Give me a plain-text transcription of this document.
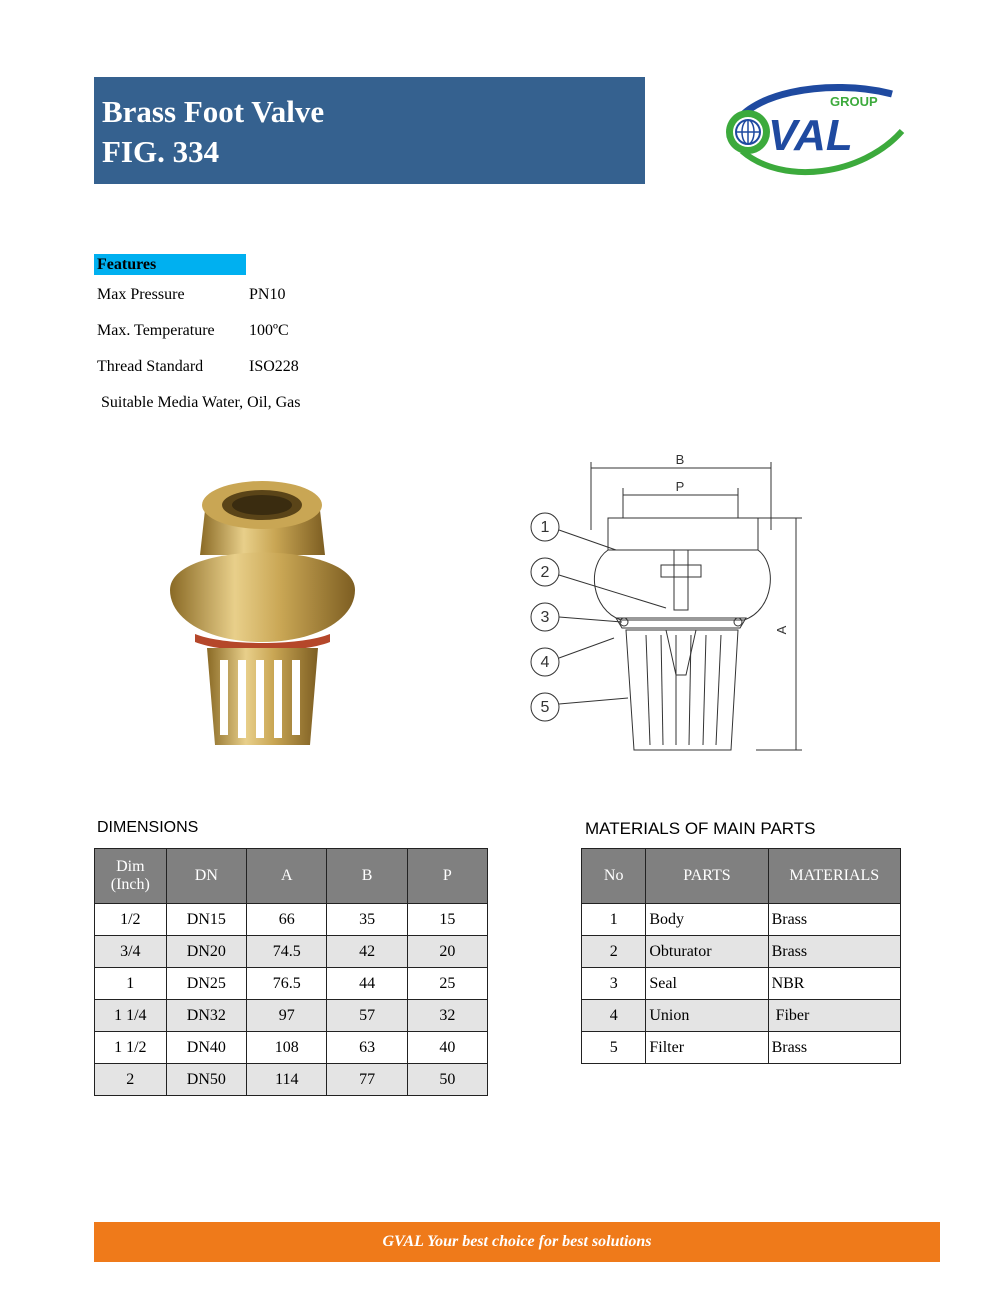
Brass Foot Valve
FIG. 334
GROUP
VAL
Features
Max Pressure	PN10
Max. Temperature 100ºC
Thread Standard	ISO228
Suitable Media Water, Oil, Gas
B
P
A
1
2
3
4
5
DIMENSIONS
Dim (Inch)	DN	A	B	P
1/2	DN15	66	35	15
3/4	DN20	74.5	42	20
1	DN25	76.5	44	25
1 1/4	DN32	97	57	32
1 1/2	DN40	108	63	40
2	DN50	114	77	50
MATERIALS OF MAIN PARTS
No	PARTS	MATERIALS
1	Body	Brass
2	Obturator	Brass
3	Seal	NBR
4	Union	Fiber
5	Filter	Brass
GVAL Your best choice for best solutions
